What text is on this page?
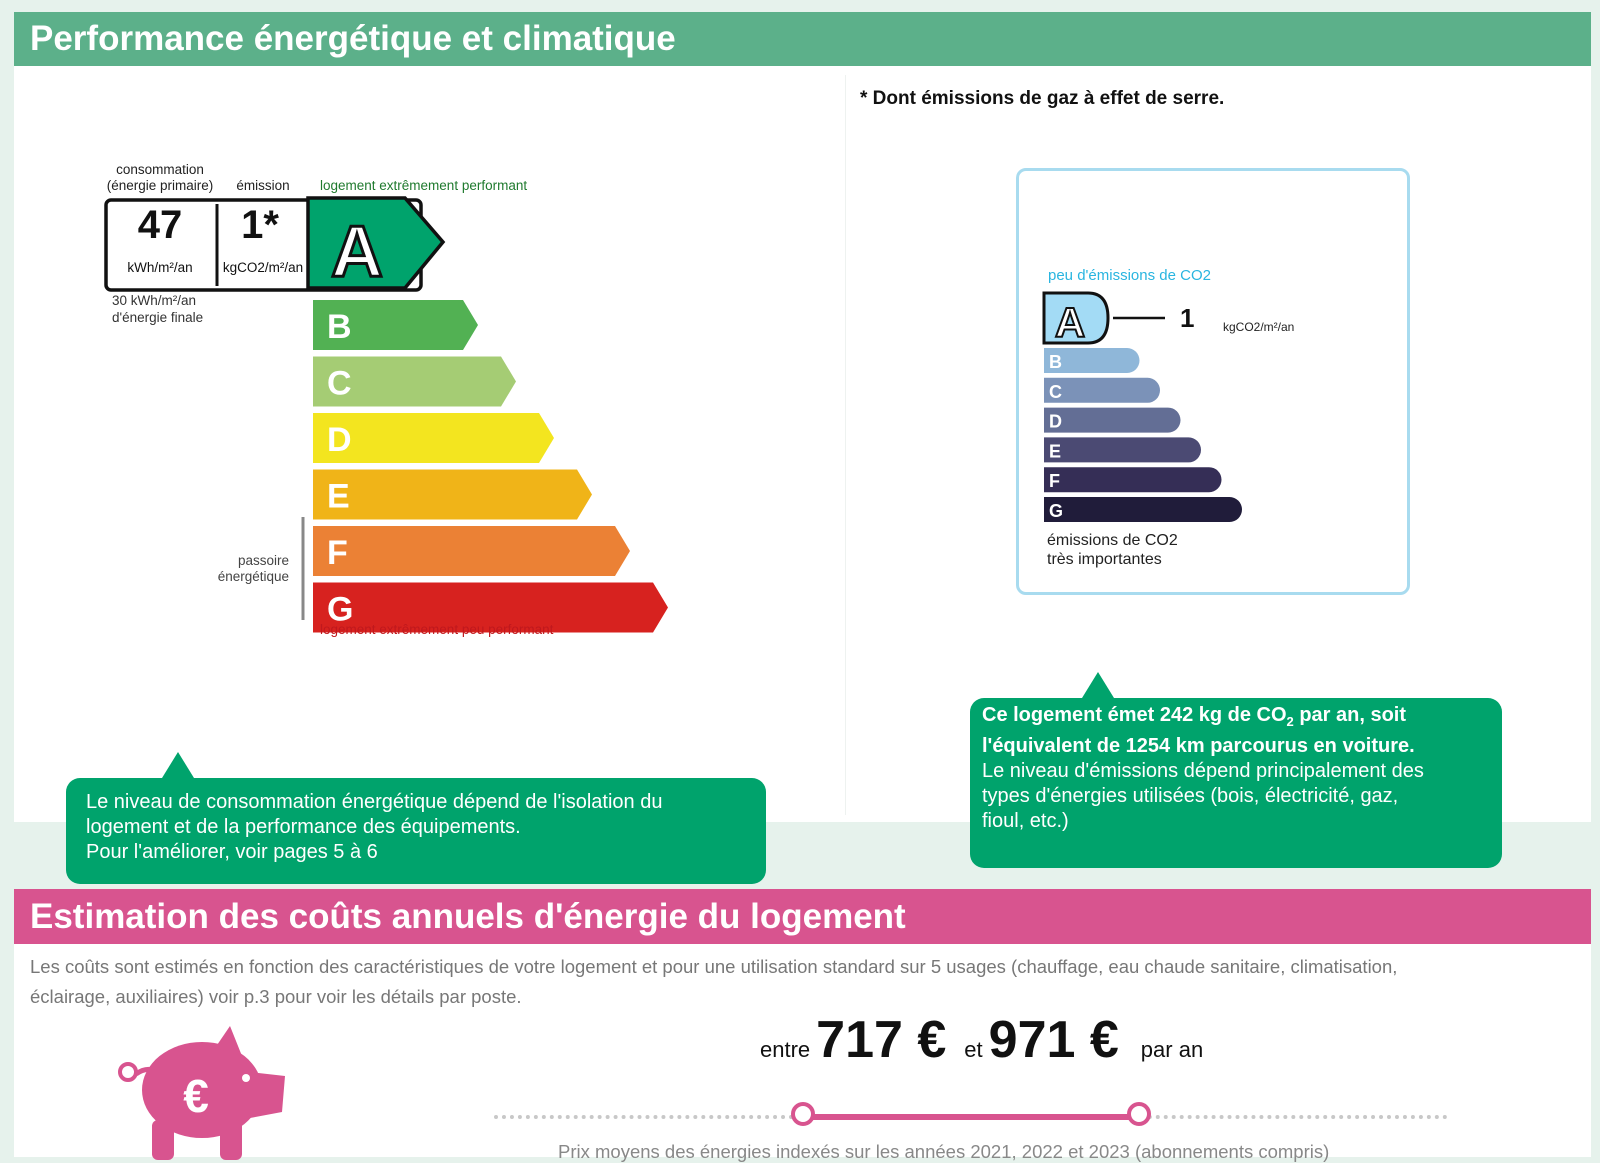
Performance énergétique et climatique
* Dont émissions de gaz à effet de serre.
consommation
(énergie primaire) émission logement extrêmement performant
47
kWh/m²/an
1*
kgCO2/m²/an A
30 kWh/m²/an
d'énergie finale	B
C
D
E
F
G
passoire
énergétique
logement extrêmement peu performant
peu d'émissions de CO2
A	1 kgCO2/m²/an
B
C
D
E
F
G
émissions de CO2
très importantes
Le niveau de consommation énergétique dépend de l'isolation du
logement et de la performance des équipements.
Pour l'améliorer, voir pages 5 à 6
Ce logement émet 242 kg de $CO_2$ par an, soit
l'équivalent de 1254 km parcourus en voiture.
Le niveau d'émissions dépend principalement des
types d'énergies utilisées (bois, électricité, gaz,
fioul, etc.)
Estimation des coûts annuels d'énergie du logement
Les coûts sont estimés en fonction des caractéristiques de votre logement et pour une utilisation standard sur 5 usages (chauffage, eau chaude sanitaire, climatisation,
éclairage, auxiliaires) voir p.3 pour voir les détails par poste.
€
entre 717 € et 971 € par an
Prix moyens des énergies indexés sur les années 2021, 2022 et 2023 (abonnements compris)
